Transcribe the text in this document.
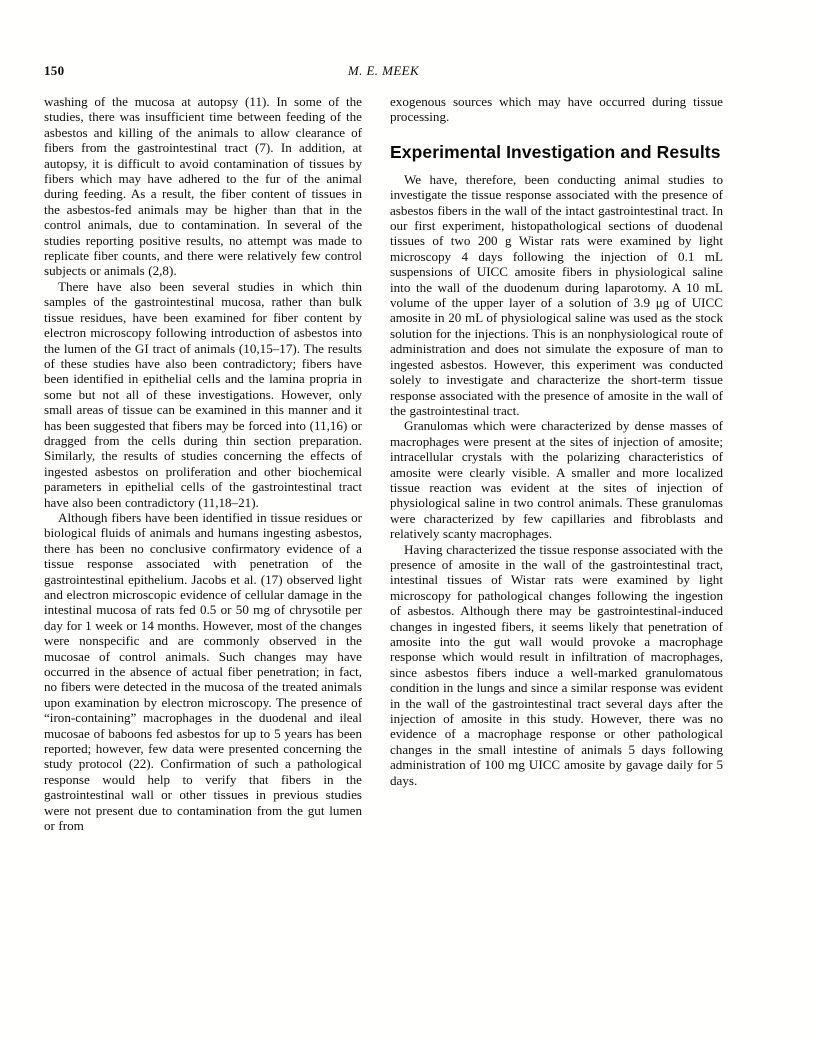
150	M. E. MEEK

washing of the mucosa at autopsy (11). In some of the studies, there was insufficient time between feeding of the asbestos and killing of the animals to allow clearance of fibers from the gastrointestinal tract (7). In addition, at autopsy, it is difficult to avoid contamination of tissues by fibers which may have adhered to the fur of the animal during feeding. As a result, the fiber content of tissues in the asbestos-fed animals may be higher than that in the control animals, due to contamination. In several of the studies reporting positive results, no attempt was made to replicate fiber counts, and there were relatively few control subjects or animals (2,8).

There have also been several studies in which thin samples of the gastrointestinal mucosa, rather than bulk tissue residues, have been examined for fiber content by electron microscopy following introduction of asbestos into the lumen of the GI tract of animals (10,15–17). The results of these studies have also been contradictory; fibers have been identified in epithelial cells and the lamina propria in some but not all of these investigations. However, only small areas of tissue can be examined in this manner and it has been suggested that fibers may be forced into (11,16) or dragged from the cells during thin section preparation. Similarly, the results of studies concerning the effects of ingested asbestos on proliferation and other biochemical parameters in epithelial cells of the gastrointestinal tract have also been contradictory (11,18–21).

Although fibers have been identified in tissue residues or biological fluids of animals and humans ingesting asbestos, there has been no conclusive confirmatory evidence of a tissue response associated with penetration of the gastrointestinal epithelium. Jacobs et al. (17) observed light and electron microscopic evidence of cellular damage in the intestinal mucosa of rats fed 0.5 or 50 mg of chrysotile per day for 1 week or 14 months. However, most of the changes were nonspecific and are commonly observed in the mucosae of control animals. Such changes may have occurred in the absence of actual fiber penetration; in fact, no fibers were detected in the mucosa of the treated animals upon examination by electron microscopy. The presence of “iron-containing” macrophages in the duodenal and ileal mucosae of baboons fed asbestos for up to 5 years has been reported; however, few data were presented concerning the study protocol (22). Confirmation of such a pathological response would help to verify that fibers in the gastrointestinal wall or other tissues in previous studies were not present due to contamination from the gut lumen or from

exogenous sources which may have occurred during tissue processing.

Experimental Investigation and Results

We have, therefore, been conducting animal studies to investigate the tissue response associated with the presence of asbestos fibers in the wall of the intact gastrointestinal tract. In our first experiment, histopathological sections of duodenal tissues of two 200 g Wistar rats were examined by light microscopy 4 days following the injection of 0.1 mL suspensions of UICC amosite fibers in physiological saline into the wall of the duodenum during laparotomy. A 10 mL volume of the upper layer of a solution of 3.9 μg of UICC amosite in 20 mL of physiological saline was used as the stock solution for the injections. This is an nonphysiological route of administration and does not simulate the exposure of man to ingested asbestos. However, this experiment was conducted solely to investigate and characterize the short-term tissue response associated with the presence of amosite in the wall of the gastrointestinal tract.

Granulomas which were characterized by dense masses of macrophages were present at the sites of injection of amosite; intracellular crystals with the polarizing characteristics of amosite were clearly visible. A smaller and more localized tissue reaction was evident at the sites of injection of physiological saline in two control animals. These granulomas were characterized by few capillaries and fibroblasts and relatively scanty macrophages.

Having characterized the tissue response associated with the presence of amosite in the wall of the gastrointestinal tract, intestinal tissues of Wistar rats were examined by light microscopy for pathological changes following the ingestion of asbestos. Although there may be gastrointestinal-induced changes in ingested fibers, it seems likely that penetration of amosite into the gut wall would provoke a macrophage response which would result in infiltration of macrophages, since asbestos fibers induce a well-marked granulomatous condition in the lungs and since a similar response was evident in the wall of the gastrointestinal tract several days after the injection of amosite in this study. However, there was no evidence of a macrophage response or other pathological changes in the small intestine of animals 5 days following administration of 100 mg UICC amosite by gavage daily for 5 days.
